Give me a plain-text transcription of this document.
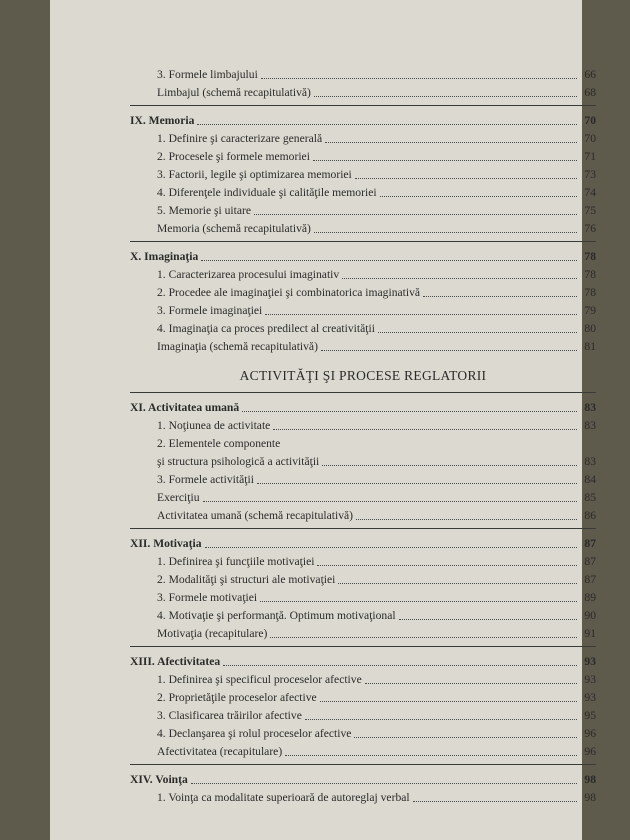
3. Formele limbajului	66
Limbajul (schemă recapitulativă)	68
IX. Memoria	70
1. Definire şi caracterizare generală	70
2. Procesele şi formele memoriei	71
3. Factorii, legile şi optimizarea memoriei	73
4. Diferenţele individuale şi calităţile memoriei	74
5. Memorie şi uitare	75
Memoria (schemă recapitulativă)	76
X. Imaginaţia	78
1. Caracterizarea procesului imaginativ	78
2. Procedee ale imaginaţiei şi combinatorica imaginativă	78
3. Formele imaginaţiei	79
4. Imaginaţia ca proces predilect al creativităţii	80
Imaginaţia (schemă recapitulativă)	81
ACTIVITĂŢI ŞI PROCESE REGLATORII
XI. Activitatea umană	83
1. Noţiunea de activitate	83
2. Elementele componente
şi structura psihologică a activităţii	83
3. Formele activităţii	84
Exerciţiu	85
Activitatea umană (schemă recapitulativă)	86
XII. Motivaţia	87
1. Definirea şi funcţiile motivaţiei	87
2. Modalităţi şi structuri ale motivaţiei	87
3. Formele motivaţiei	89
4. Motivaţie şi performanţă. Optimum motivaţional	90
Motivaţia (recapitulare)	91
XIII. Afectivitatea	93
1. Definirea şi specificul proceselor afective	93
2. Proprietăţile proceselor afective	93
3. Clasificarea trăirilor afective	95
4. Declanşarea şi rolul proceselor afective	96
Afectivitatea (recapitulare)	96
XIV. Voinţa	98
1. Voinţa ca modalitate superioară de autoreglaj verbal	98
